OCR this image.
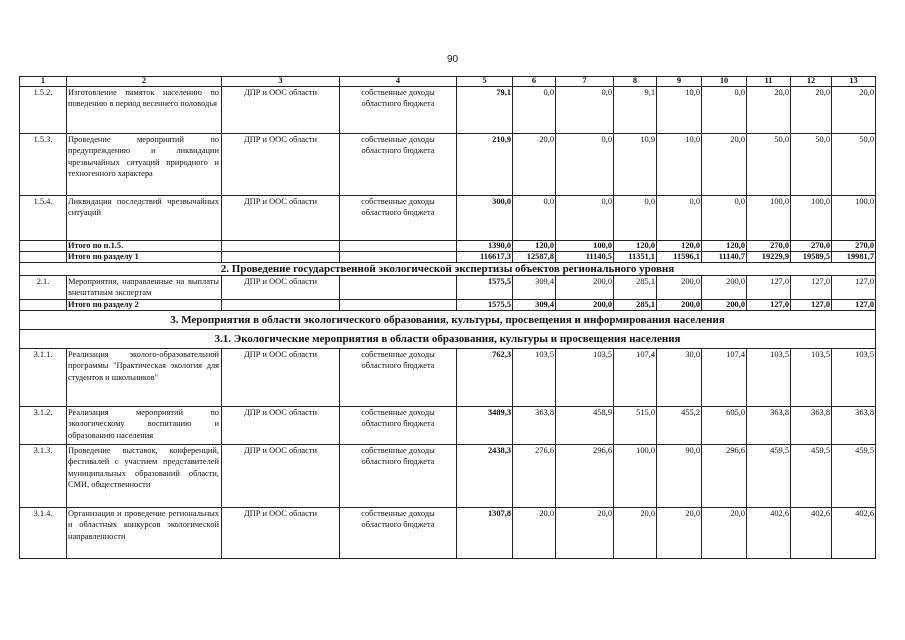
90
1	2	3	4	5	6	7	8	9	10	11	12	13
1.5.2.	Изготовление памяток населению по поведению в период весеннего половодья	ДПР и ООС области	собственные доходы областного бюджета	79,1	0,0	0,0	9,1	10,0	0,0	20,0	20,0	20,0
1.5.3.	Проведение мероприятий по предупреждению и ликвидации чрезвычайных ситуаций природного и техногенного характера	ДПР и ООС области	собственные доходы областного бюджета	210,9	20,0	0,0	10,9	10,0	20,0	50,0	50,0	50,0
1.5.4.	Ликвидация последствий чрезвычайных ситуаций	ДПР и ООС области	собственные доходы областного бюджета	300,0	0,0	0,0	0,0	0,0	0,0	100,0	100,0	100,0
	Итого по п.1.5.			1390,0	120,0	100,0	120,0	120,0	120,0	270,0	270,0	270,0
	Итого по разделу 1			116617,3	12587,8	11140,5	11351,1	11596,1	11140,7	19229,9	19589,5	19981,7
2. Проведение государственной экологической экспертизы объектов регионального уровня												
2.1.	Мероприятия, направленные на выплаты внештатным экспертам	ДПР и ООС области		1575,5	309,4	200,0	285,1	200,0	200,0	127,0	127,0	127,0
	Итого по разделу 2			1575,5	309,4	200,0	285,1	200,0	200,0	127,0	127,0	127,0
3. Мероприятия в области экологического образования, культуры, просвещения и информирования населения												
3.1. Экологические мероприятия в области образования, культуры и просвещения населения												
3.1.1.	Реализация эколого-образовательной программы "Практическая экология для студентов и школьников"	ДПР и ООС области	собственные доходы областного бюджета	762,3	103,5	103,5	107,4	30,0	107,4	103,5	103,5	103,5
3.1.2.	Реализация мероприятий по экологическому воспитанию и образованию населения	ДПР и ООС области	собственные доходы областного бюджета	3489,3	363,8	458,9	515,0	455,2	605,0	363,8	363,8	363,8
3.1.3.	Проведение выставок, конференций, фестивалей с участием представителей муниципальных образований области, СМИ, общественности	ДПР и ООС области	собственные доходы областного бюджета	2438,3	276,6	296,6	100,0	90,0	296,6	459,5	459,5	459,5
3.1.4.	Организация и проведение региональных и областных конкурсов экологической направленности	ДПР и ООС области	собственные доходы областного бюджета	1307,8	20,0	20,0	20,0	20,0	20,0	402,6	402,6	402,6
